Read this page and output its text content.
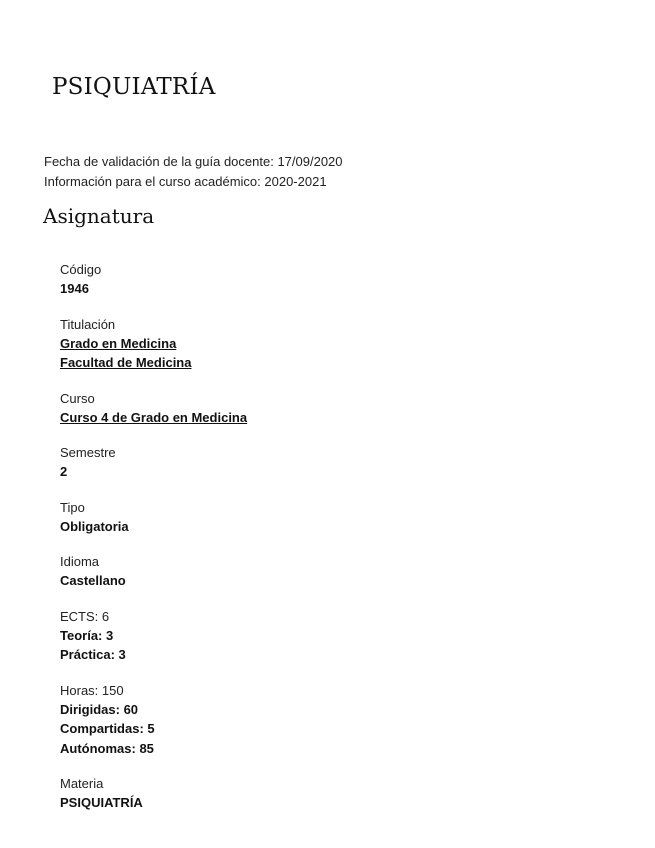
PSIQUIATRÍA
Fecha de validación de la guía docente: 17/09/2020
Información para el curso académico: 2020-2021
Asignatura
Código
1946
Titulación
Grado en Medicina
Facultad de Medicina
Curso
Curso 4 de Grado en Medicina
Semestre
2
Tipo
Obligatoria
Idioma
Castellano
ECTS: 6
Teoría: 3
Práctica: 3
Horas: 150
Dirigidas: 60
Compartidas: 5
Autónomas: 85
Materia
PSIQUIATRÍA
